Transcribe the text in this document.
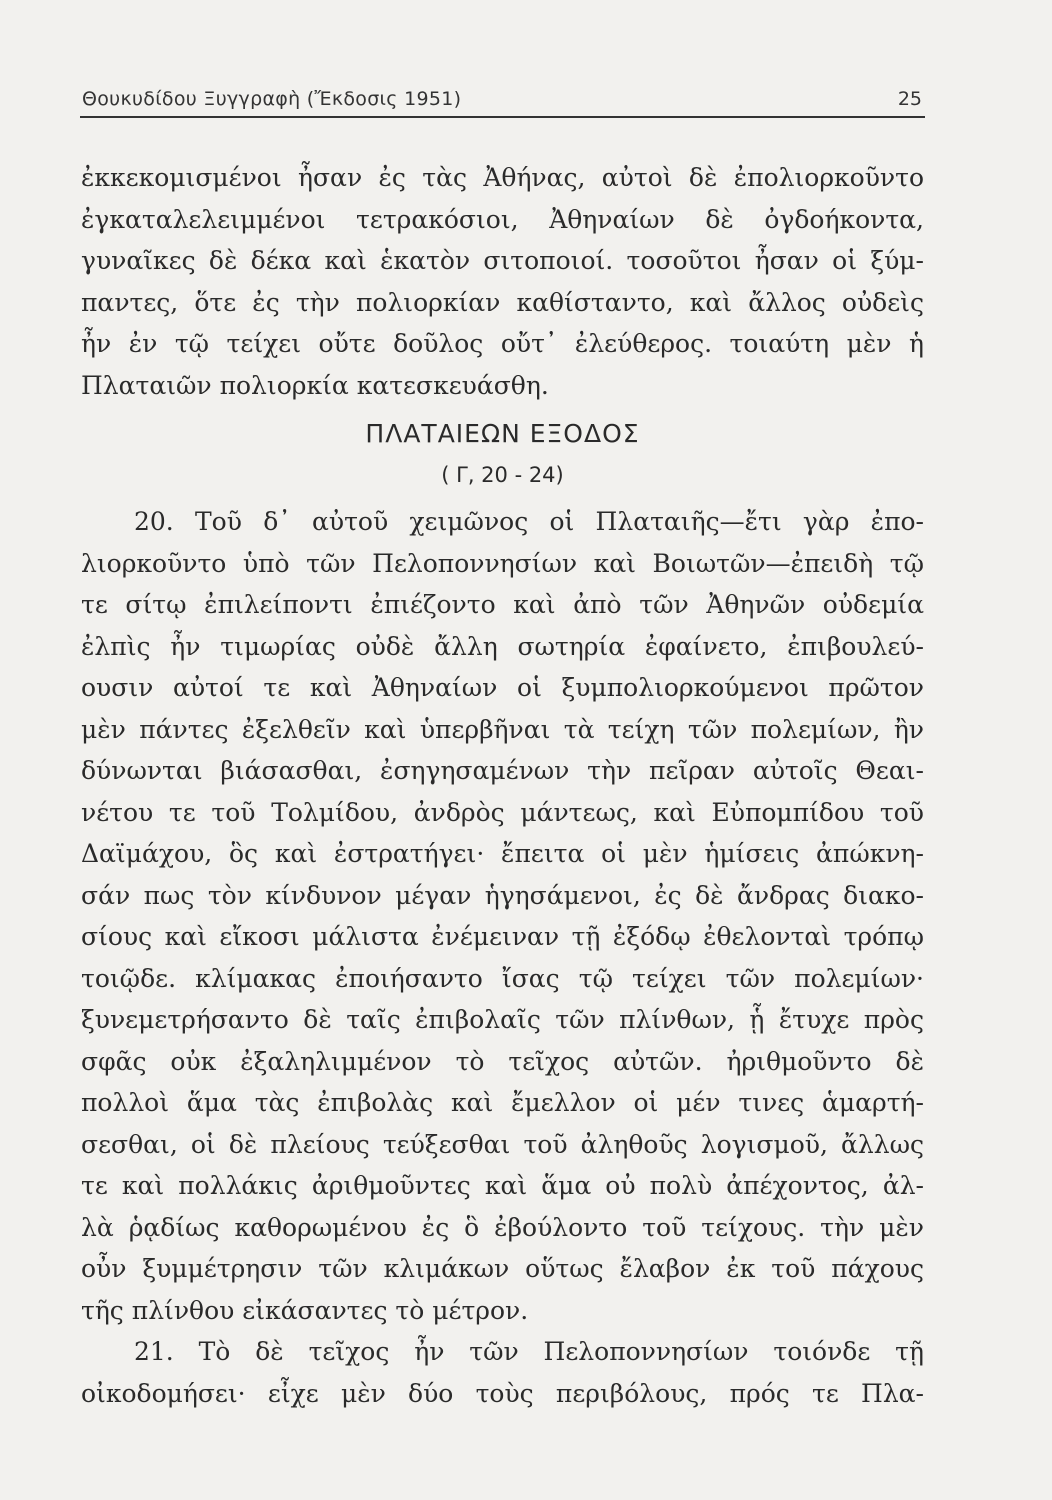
Θουκυδίδου Ξυγγραφὴ (Ἔκδοσις 1951)	25
ἐκκεκομισμένοι ἦσαν ἐς τὰς Ἀθήνας, αὐτοὶ δὲ ἐπολιορκοῦντο
ἐγκαταλελειμμένοι τετρακόσιοι, Ἀθηναίων δὲ ὀγδοήκοντα,
γυναῖκες δὲ δέκα καὶ ἑκατὸν σιτοποιοί. τοσοῦτοι ἦσαν οἱ ξύμ-
παντες, ὅτε ἐς τὴν πολιορκίαν καθίσταντο, καὶ ἄλλος οὐδεὶς
ἦν ἐν τῷ τείχει οὔτε δοῦλος οὔτ᾽ ἐλεύθερος. τοιαύτη μὲν ἡ
Πλαταιῶν πολιορκία κατεσκευάσθη.
ΠΛΑΤΑΙΕΩΝ ΕΞΟΔΟΣ
( Γ, 20 - 24)
20. Τοῦ δ᾽ αὐτοῦ χειμῶνος οἱ Πλαταιῆς—ἔτι γὰρ ἐπο-
λιορκοῦντο ὑπὸ τῶν Πελοποννησίων καὶ Βοιωτῶν—ἐπειδὴ τῷ
τε σίτῳ ἐπιλείποντι ἐπιέζοντο καὶ ἀπὸ τῶν Ἀθηνῶν οὐδεμία
ἐλπὶς ἦν τιμωρίας οὐδὲ ἄλλη σωτηρία ἐφαίνετο, ἐπιβουλεύ-
ουσιν αὐτοί τε καὶ Ἀθηναίων οἱ ξυμπολιορκούμενοι πρῶτον
μὲν πάντες ἐξελθεῖν καὶ ὑπερβῆναι τὰ τείχη τῶν πολεμίων, ἢν
δύνωνται βιάσασθαι, ἐσηγησαμένων τὴν πεῖραν αὐτοῖς Θεαι-
νέτου τε τοῦ Τολμίδου, ἀνδρὸς μάντεως, καὶ Εὐπομπίδου τοῦ
Δαϊμάχου, ὃς καὶ ἐστρατήγει· ἔπειτα οἱ μὲν ἡμίσεις ἀπώκνη-
σάν πως τὸν κίνδυνον μέγαν ἡγησάμενοι, ἐς δὲ ἄνδρας διακο-
σίους καὶ εἴκοσι μάλιστα ἐνέμειναν τῇ ἐξόδῳ ἐθελονταὶ τρόπῳ
τοιῷδε. κλίμακας ἐποιήσαντο ἴσας τῷ τείχει τῶν πολεμίων·
ξυνεμετρήσαντο δὲ ταῖς ἐπιβολαῖς τῶν πλίνθων, ᾗ ἔτυχε πρὸς
σφᾶς οὐκ ἐξαληλιμμένον τὸ τεῖχος αὐτῶν. ἠριθμοῦντο δὲ
πολλοὶ ἅμα τὰς ἐπιβολὰς καὶ ἔμελλον οἱ μέν τινες ἁμαρτή-
σεσθαι, οἱ δὲ πλείους τεύξεσθαι τοῦ ἀληθοῦς λογισμοῦ, ἄλλως
τε καὶ πολλάκις ἀριθμοῦντες καὶ ἅμα οὐ πολὺ ἀπέχοντος, ἀλ-
λὰ ῥᾳδίως καθορωμένου ἐς ὃ ἐβούλοντο τοῦ τείχους. τὴν μὲν
οὖν ξυμμέτρησιν τῶν κλιμάκων οὕτως ἔλαβον ἐκ τοῦ πάχους
τῆς πλίνθου εἰκάσαντες τὸ μέτρον.
21. Τὸ δὲ τεῖχος ἦν τῶν Πελοποννησίων τοιόνδε τῇ
οἰκοδομήσει· εἶχε μὲν δύο τοὺς περιβόλους, πρός τε Πλα-
